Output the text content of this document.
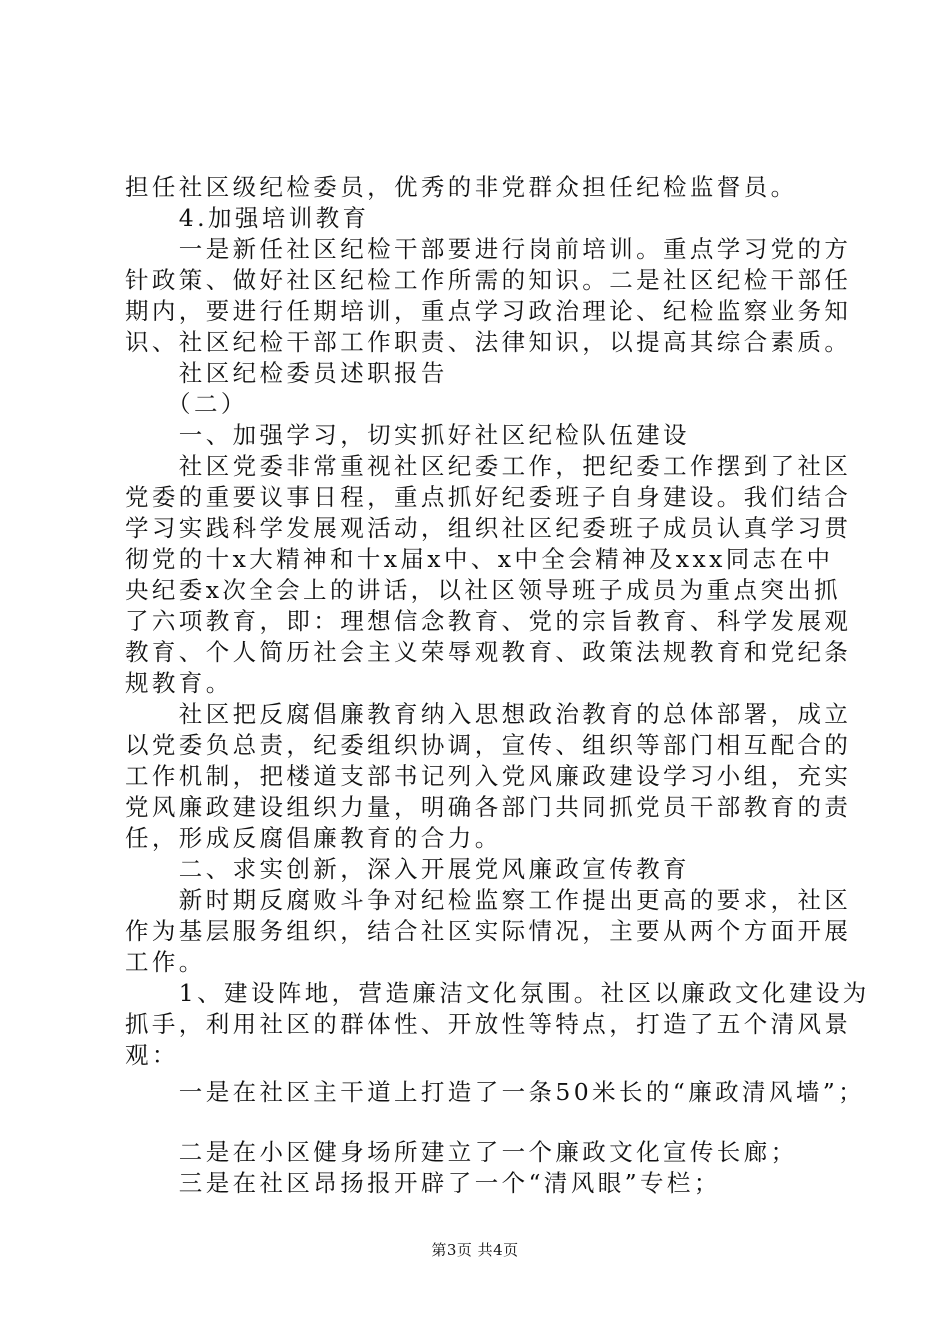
担任社区级纪检委员，优秀的非党群众担任纪检监督员。
　　4.加强培训教育
　　一是新任社区纪检干部要进行岗前培训。重点学习党的方
针政策、做好社区纪检工作所需的知识。二是社区纪检干部任
期内，要进行任期培训，重点学习政治理论、纪检监察业务知
识、社区纪检干部工作职责、法律知识，以提高其综合素质。
　　社区纪检委员述职报告
　　（二）
　　一、加强学习，切实抓好社区纪检队伍建设
　　社区党委非常重视社区纪委工作，把纪委工作摆到了社区
党委的重要议事日程，重点抓好纪委班子自身建设。我们结合
学习实践科学发展观活动，组织社区纪委班子成员认真学习贯
彻党的十x大精神和十x届x中、x中全会精神及xxx同志在中
央纪委x次全会上的讲话，以社区领导班子成员为重点突出抓
了六项教育，即：理想信念教育、党的宗旨教育、科学发展观
教育、个人简历社会主义荣辱观教育、政策法规教育和党纪条
规教育。
　　社区把反腐倡廉教育纳入思想政治教育的总体部署，成立
以党委负总责，纪委组织协调，宣传、组织等部门相互配合的
工作机制，把楼道支部书记列入党风廉政建设学习小组，充实
党风廉政建设组织力量，明确各部门共同抓党员干部教育的责
任，形成反腐倡廉教育的合力。
　　二、求实创新，深入开展党风廉政宣传教育
　　新时期反腐败斗争对纪检监察工作提出更高的要求，社区
作为基层服务组织，结合社区实际情况，主要从两个方面开展
工作。
　　1、建设阵地，营造廉洁文化氛围。社区以廉政文化建设为
抓手，利用社区的群体性、开放性等特点，打造了五个清风景
观：
　　一是在社区主干道上打造了一条50米长的“廉政清风墙”；
　　二是在小区健身场所建立了一个廉政文化宣传长廊；
　　三是在社区昂扬报开辟了一个“清风眼”专栏；
第3页 共4页
